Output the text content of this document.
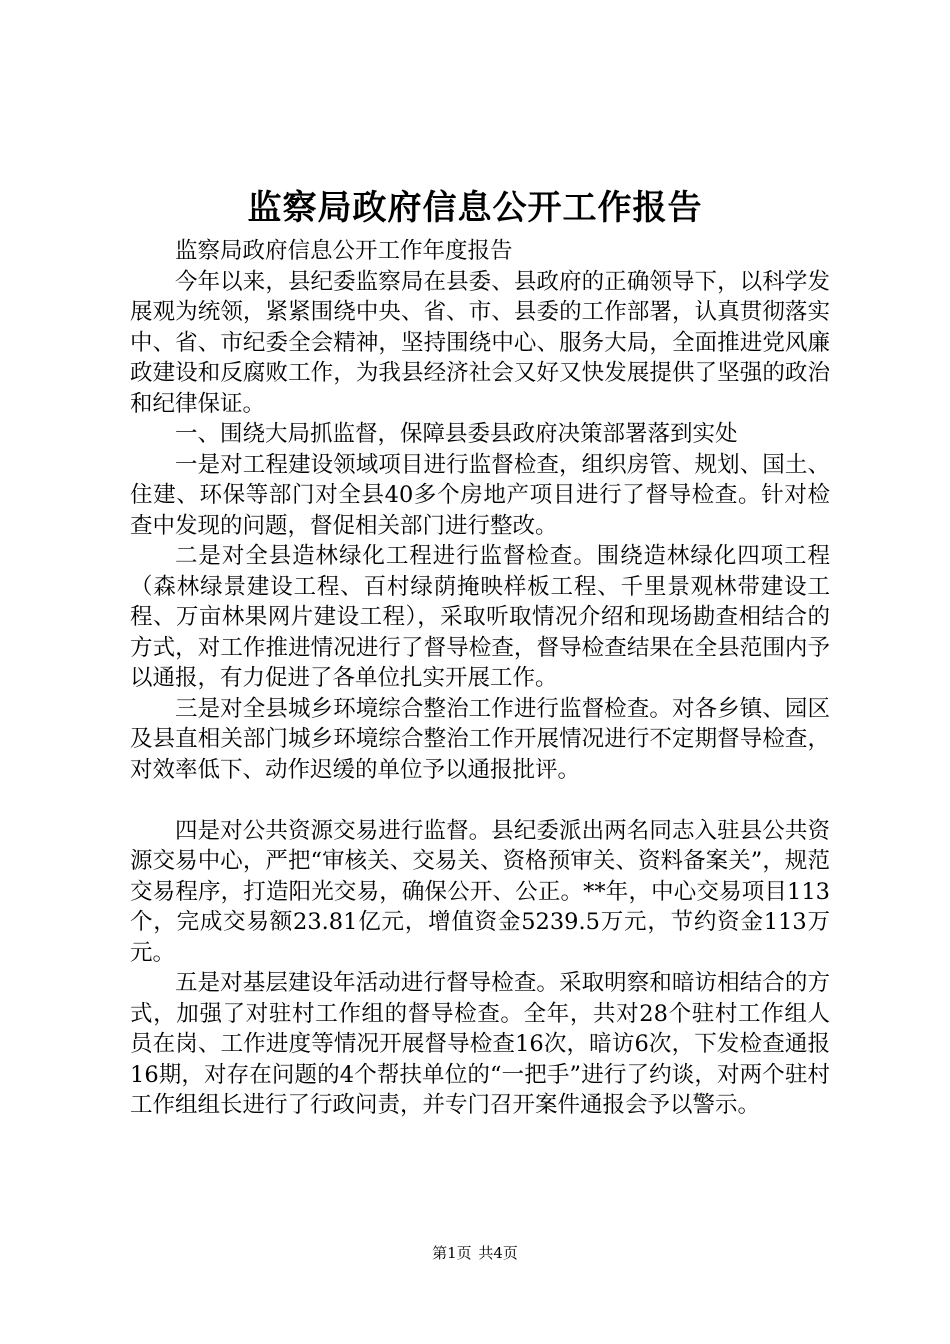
监察局政府信息公开工作报告

监察局政府信息公开工作年度报告

今年以来，县纪委监察局在县委、县政府的正确领导下，以科学发展观为统领，紧紧围绕中央、省、市、县委的工作部署，认真贯彻落实中、省、市纪委全会精神，坚持围绕中心、服务大局，全面推进党风廉政建设和反腐败工作，为我县经济社会又好又快发展提供了坚强的政治和纪律保证。

一、围绕大局抓监督，保障县委县政府决策部署落到实处

一是对工程建设领域项目进行监督检查，组织房管、规划、国土、住建、环保等部门对全县40多个房地产项目进行了督导检查。针对检查中发现的问题，督促相关部门进行整改。

二是对全县造林绿化工程进行监督检查。围绕造林绿化四项工程（森林绿景建设工程、百村绿荫掩映样板工程、千里景观林带建设工程、万亩林果网片建设工程），采取听取情况介绍和现场勘查相结合的方式，对工作推进情况进行了督导检查，督导检查结果在全县范围内予以通报，有力促进了各单位扎实开展工作。

三是对全县城乡环境综合整治工作进行监督检查。对各乡镇、园区及县直相关部门城乡环境综合整治工作开展情况进行不定期督导检查，对效率低下、动作迟缓的单位予以通报批评。

四是对公共资源交易进行监督。县纪委派出两名同志入驻县公共资源交易中心，严把“审核关、交易关、资格预审关、资料备案关”，规范交易程序，打造阳光交易，确保公开、公正。**年，中心交易项目113个，完成交易额23.81亿元，增值资金5239.5万元，节约资金113万元。

五是对基层建设年活动进行督导检查。采取明察和暗访相结合的方式，加强了对驻村工作组的督导检查。全年，共对28个驻村工作组人员在岗、工作进度等情况开展督导检查16次，暗访6次，下发检查通报16期，对存在问题的4个帮扶单位的“一把手”进行了约谈，对两个驻村工作组组长进行了行政问责，并专门召开案件通报会予以警示。

第1页 共4页
